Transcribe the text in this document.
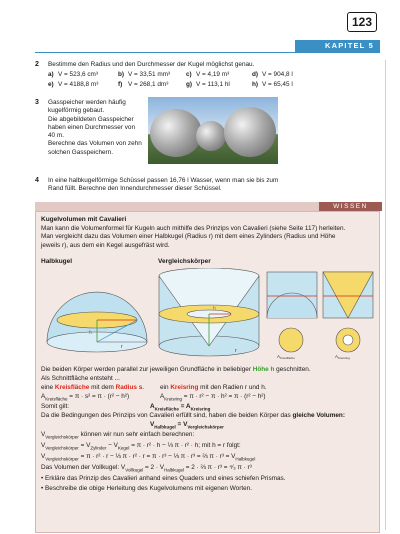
123
KAPITEL 5
2 Bestimme den Radius und den Durchmesser der Kugel möglichst genau.
a) V = 523,6 cm³	b) V = 33,51 mm³ c) V = 4,19 m³	d) V = 904,8 l
e) V = 4188,8 m³	f) V = 268,1 dm³	g) V = 113,1 hl	h) V = 65,45 l
3 Gasspeicher werden häufig
kugelförmig gebaut.
Die abgebildeten Gasspeicher
haben einen Durchmesser von
40 m.
Berechne das Volumen von zehn
solchen Gasspeichern.
4 In eine halbkugelförmige Schüssel passen 16,76 l Wasser, wenn man sie bis zum
Rand füllt. Berechne den Innendurchmesser dieser Schüssel.
WISSEN
Kugelvolumen mit Cavalieri
Man kann die Volumenformel für Kugeln auch mithilfe des Prinzips von Cavalieri (siehe Seite 117) herleiten.
Man vergleicht dazu das Volumen einer Halbkugel (Radius r) mit dem eines Zylinders (Radius und Höhe
jeweils r), aus dem ein Kegel ausgefräst wird.
Halbkugel	Vergleichskörper
h
r
h
r
$A_{Kreisfläche}$	$A_{Kreisring}$
Die beiden Körper werden parallel zur jeweiligen Grundfläche in beliebiger Höhe h geschnitten.
Als Schnittfläche entsteht ...
eine Kreisfläche mit dem Radius s. ein Kreisring mit den Radien r und h.
$A_{Kreisfläche} = \pi \cdot s^2 = \pi \cdot (r^2 - h^2)$	$A_{Kreisring} = \pi \cdot r^2 - \pi \cdot h^2 = \pi \cdot (r^2 - h^2)$
Somit gilt:	$A_{Kreisfläche} = A_{Kreisring}$
Da die Bedingungen des Prinzips von Cavalieri erfüllt sind, haben die beiden Körper das gleiche Volumen:
$V_{Halbkugel} = V_{Vergleichskörper}$
$V_{Vergleichskörper}$ können wir nun sehr einfach berechnen:
$V_{Vergleichskörper} = V_{Zylinder} - V_{Kegel} = \pi \cdot r^2 \cdot h$ − ⅓ π · r² · h; mit h = r folgt:
$V_{Vergleichskörper} = \pi \cdot r^2 \cdot r$ − ⅓ π · r² · r = π · r³ − ⅓ π · r³ = ⅔ $\pi \cdot r^3 = V_{Halbkugel}$
Das Volumen der Vollkugel: $V_{Vollkugel} = 2 \cdot V_{Halbkugel} = 2$ · ⅔ π · r³ = ⁴⁄₃ π · r³
• Erkläre das Prinzip des Cavalieri anhand eines Quaders und eines schiefen Prismas.
• Beschreibe die obige Herleitung des Kugelvolumens mit eigenen Worten.
